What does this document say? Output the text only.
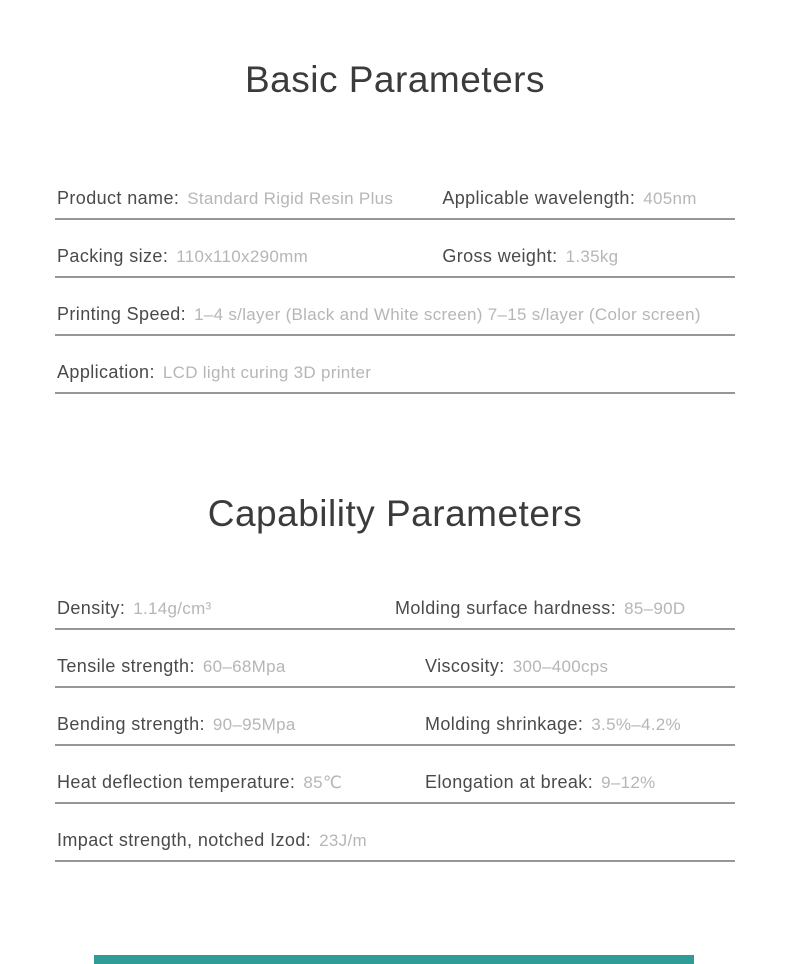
Basic Parameters
Product name: Standard Rigid Resin Plus	Applicable wavelength: 405nm
Packing size: 110x110x290mm	Gross weight: 1.35kg
Printing Speed: 1–4 s/layer (Black and White screen) 7–15 s/layer (Color screen)
Application: LCD light curing 3D printer
Capability Parameters
Density: 1.14g/cm³	Molding surface hardness: 85–90D
Tensile strength: 60–68Mpa	Viscosity: 300–400cps
Bending strength: 90–95Mpa	Molding shrinkage: 3.5%–4.2%
Heat deflection temperature: 85℃	Elongation at break: 9–12%
Impact strength, notched Izod: 23J/m
